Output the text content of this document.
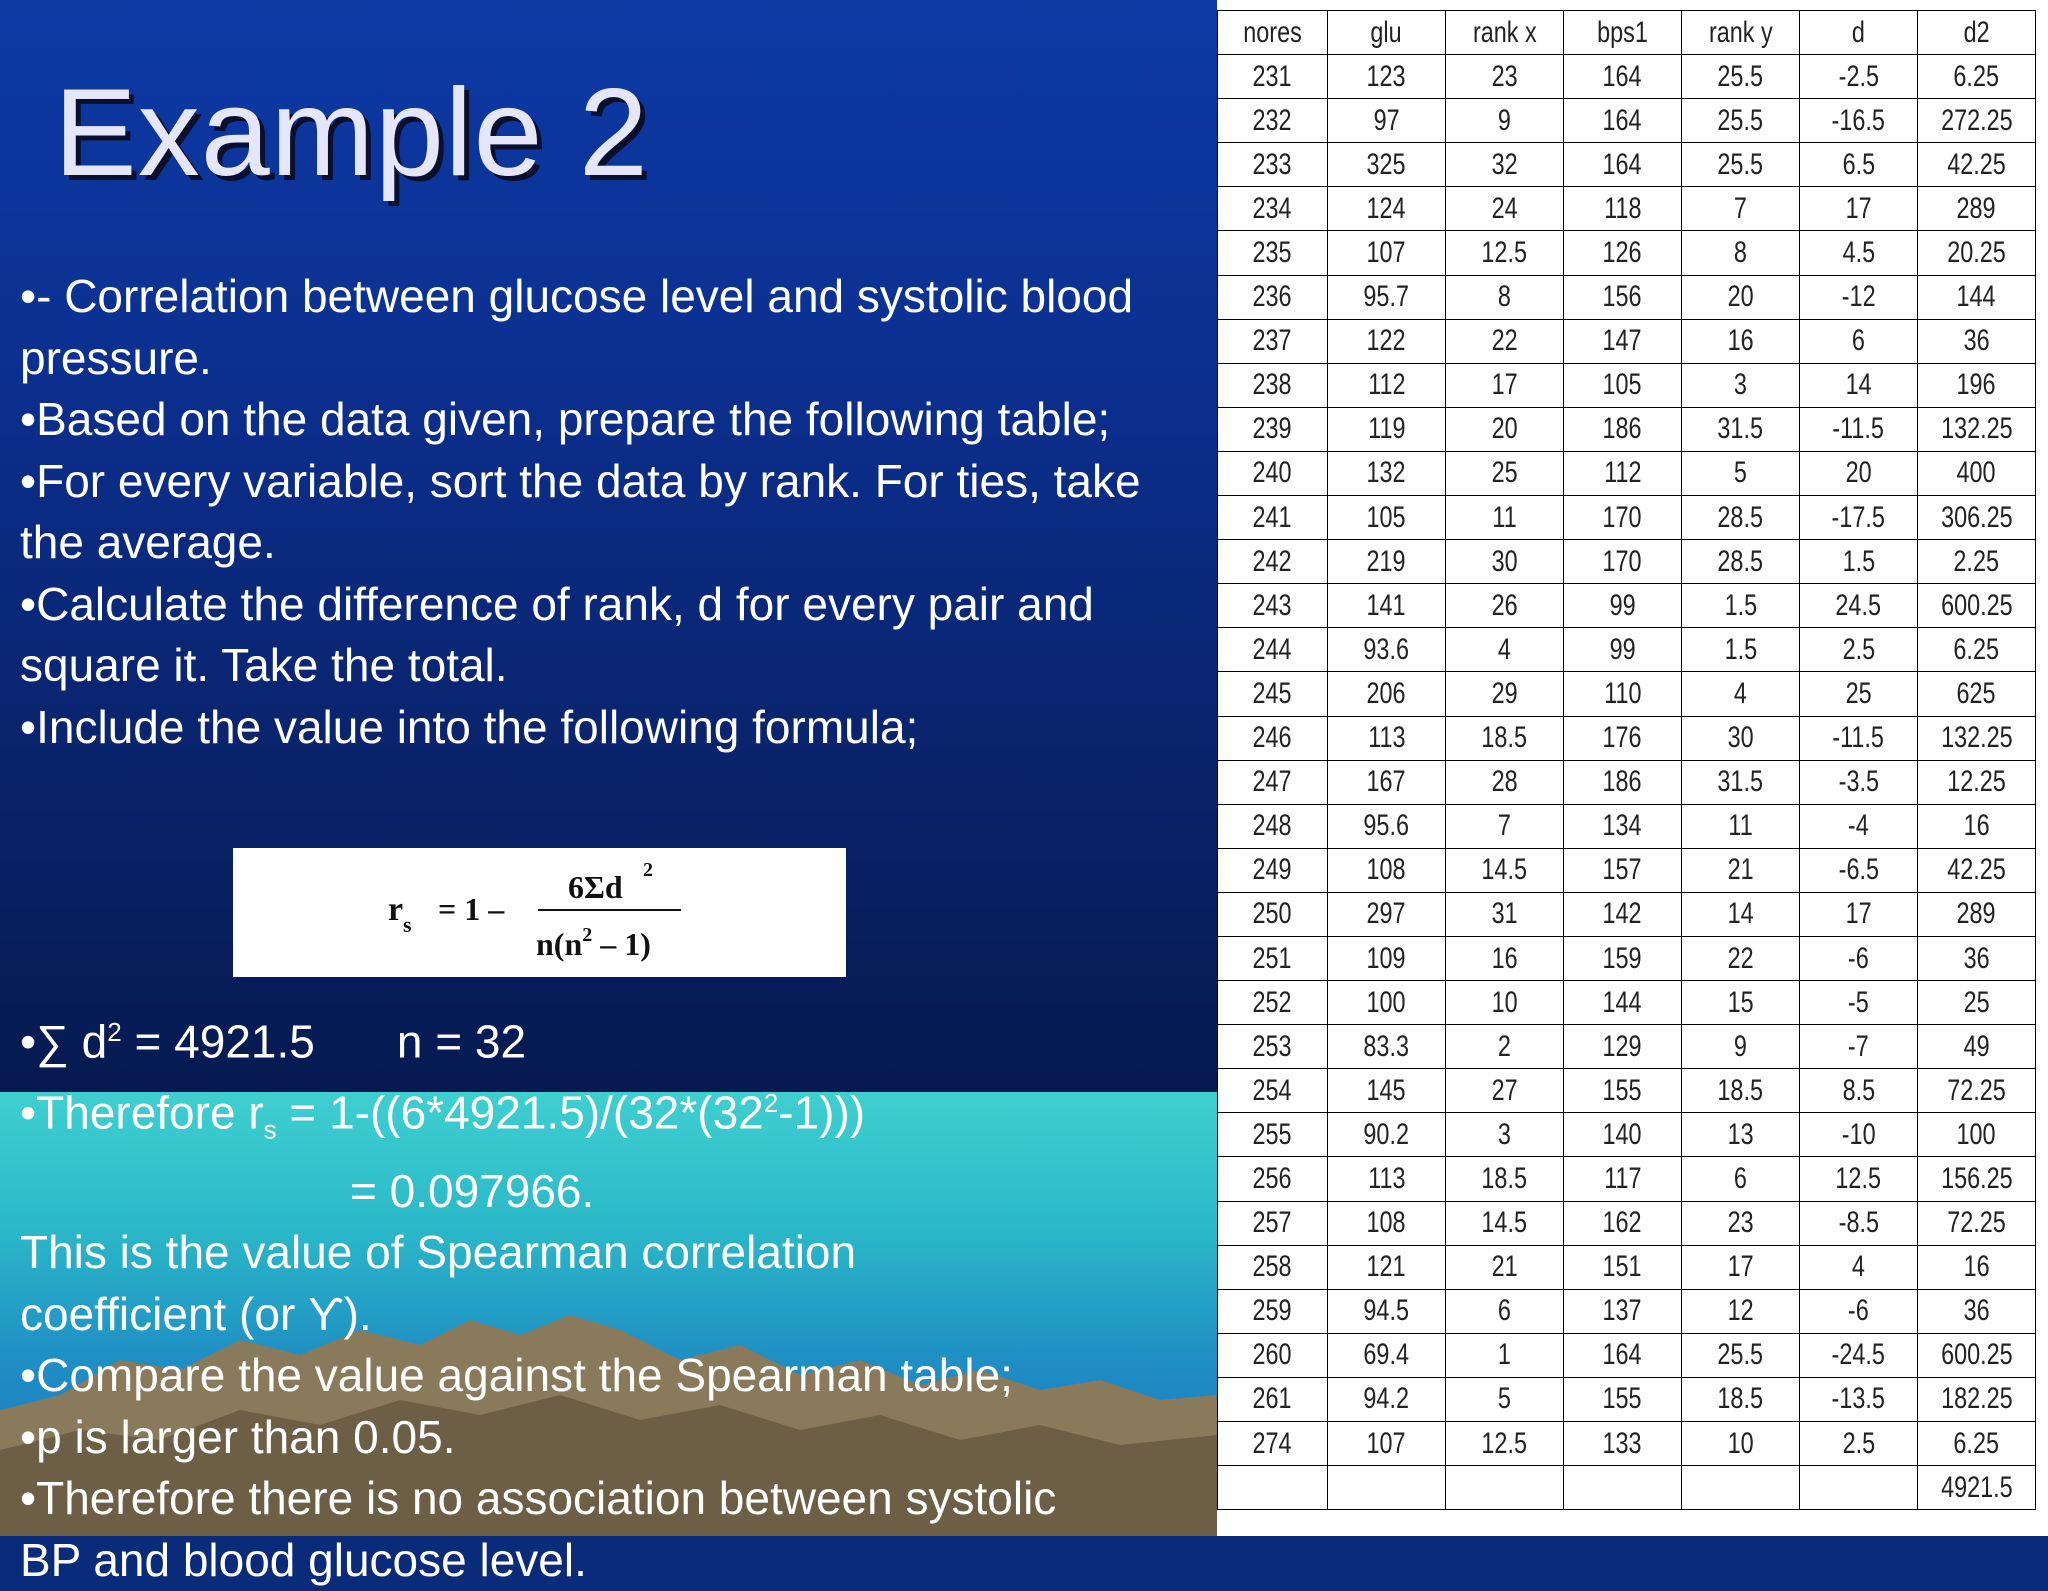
Example 2

•- Correlation between glucose level and systolic blood pressure.

•Based on the data given, prepare the following table;

•For every variable, sort the data by rank. For ties, take the average.

•Calculate the difference of rank, d for every pair and square it. Take the total.

•Include the value into the following formula;

r s = 1 –
6Σd 2
$n(n^2 - 1)$

•∑ $d^2 = 4921.5$ n = 32

•Therefore $r_s = 1-((6*4921.5)/(32*(32^2-1)))$

= 0.097966.

This is the value of Spearman correlation

coefficient (or ϒ).

•Compare the value against the Spearman table;

•p is larger than 0.05.

•Therefore there is no association between systolic

BP and blood glucose level.

nores	glu	rank x	bps1	rank y	d	d2
231	123	23	164	25.5	-2.5	6.25
232	97	9	164	25.5	-16.5	272.25
233	325	32	164	25.5	6.5	42.25
234	124	24	118	7	17	289
235	107	12.5	126	8	4.5	20.25
236	95.7	8	156	20	-12	144
237	122	22	147	16	6	36
238	112	17	105	3	14	196
239	119	20	186	31.5	-11.5	132.25
240	132	25	112	5	20	400
241	105	11	170	28.5	-17.5	306.25
242	219	30	170	28.5	1.5	2.25
243	141	26	99	1.5	24.5	600.25
244	93.6	4	99	1.5	2.5	6.25
245	206	29	110	4	25	625
246	113	18.5	176	30	-11.5	132.25
247	167	28	186	31.5	-3.5	12.25
248	95.6	7	134	11	-4	16
249	108	14.5	157	21	-6.5	42.25
250	297	31	142	14	17	289
251	109	16	159	22	-6	36
252	100	10	144	15	-5	25
253	83.3	2	129	9	-7	49
254	145	27	155	18.5	8.5	72.25
255	90.2	3	140	13	-10	100
256	113	18.5	117	6	12.5	156.25
257	108	14.5	162	23	-8.5	72.25
258	121	21	151	17	4	16
259	94.5	6	137	12	-6	36
260	69.4	1	164	25.5	-24.5	600.25
261	94.2	5	155	18.5	-13.5	182.25
274	107	12.5	133	10	2.5	6.25
						4921.5
